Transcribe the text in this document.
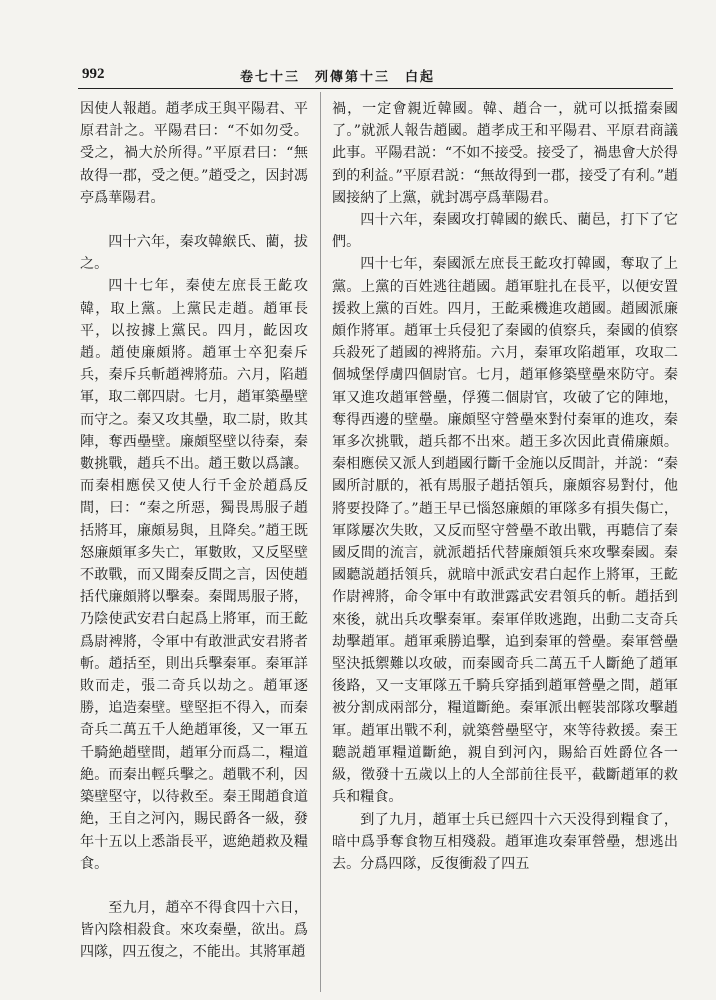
992	卷七十三　列傳第十三　白起

因使人報趙。趙孝成王與平陽君、平原君計之。平陽君曰：“不如勿受。受之，禍大於所得。”平原君曰：“無故得一郡，受之便。”趙受之，因封馮亭爲華陽君。

四十六年，秦攻韓緱氏、藺，拔之。

四十七年，秦使左庶長王齕攻韓，取上黨。上黨民走趙。趙軍長平，以按據上黨民。四月，齕因攻趙。趙使廉頗將。趙軍士卒犯秦斥兵，秦斥兵斬趙裨將茄。六月，陷趙軍，取二鄣四尉。七月，趙軍築壘壁而守之。秦又攻其壘，取二尉，敗其陣，奪西壘壁。廉頗堅壁以待秦，秦數挑戰，趙兵不出。趙王數以爲讓。而秦相應侯又使人行千金於趙爲反間，曰：“秦之所惡，獨畏馬服子趙括將耳，廉頗易與，且降矣。”趙王既怒廉頗軍多失亡，軍數敗，又反堅壁不敢戰，而又聞秦反間之言，因使趙括代廉頗將以擊秦。秦聞馬服子將，乃陰使武安君白起爲上將軍，而王齕爲尉裨將，令軍中有敢泄武安君將者斬。趙括至，則出兵擊秦軍。秦軍詳敗而走，張二奇兵以劫之。趙軍逐勝，追造秦壁。壁堅拒不得入，而秦奇兵二萬五千人絶趙軍後，又一軍五千騎絶趙壁間，趙軍分而爲二，糧道絶。而秦出輕兵擊之。趙戰不利，因築壁堅守，以待救至。秦王聞趙食道絶，王自之河內，賜民爵各一級，發年十五以上悉詣長平，遮絶趙救及糧食。

至九月，趙卒不得食四十六日，皆內陰相殺食。來攻秦壘，欲出。爲四隊，四五復之，不能出。其將軍趙

禍，一定會親近韓國。韓、趙合一，就可以抵擋秦國了。”就派人報告趙國。趙孝成王和平陽君、平原君商議此事。平陽君説：“不如不接受。接受了，禍患會大於得到的利益。”平原君説：“無故得到一郡，接受了有利。”趙國接納了上黨，就封馮亭爲華陽君。

四十六年，秦國攻打韓國的緱氏、藺邑，打下了它們。

四十七年，秦國派左庶長王齕攻打韓國，奪取了上黨。上黨的百姓逃往趙國。趙軍駐扎在長平，以便安置援救上黨的百姓。四月，王齕乘機進攻趙國。趙國派廉頗作將軍。趙軍士兵侵犯了秦國的偵察兵，秦國的偵察兵殺死了趙國的裨將茄。六月，秦軍攻陷趙軍，攻取二個城堡俘虜四個尉官。七月，趙軍修築壁壘來防守。秦軍又進攻趙軍營壘，俘獲二個尉官，攻破了它的陣地，奪得西邊的壁壘。廉頗堅守營壘來對付秦軍的進攻，秦軍多次挑戰，趙兵都不出來。趙王多次因此責備廉頗。秦相應侯又派人到趙國行斷千金施以反間計，并説：“秦國所討厭的，衹有馬服子趙括領兵，廉頗容易對付，他將要投降了。”趙王早已惱怒廉頗的軍隊多有損失傷亡，軍隊屢次失敗，又反而堅守營壘不敢出戰，再聽信了秦國反間的流言，就派趙括代替廉頗領兵來攻擊秦國。秦國聽説趙括領兵，就暗中派武安君白起作上將軍，王齕作尉裨將，命令軍中有敢泄露武安君領兵的斬。趙括到來後，就出兵攻擊秦軍。秦軍佯敗逃跑，出動二支奇兵劫擊趙軍。趙軍乘勝追擊，追到秦軍的營壘。秦軍營壘堅決抵禦難以攻破，而秦國奇兵二萬五千人斷絶了趙軍後路，又一支軍隊五千騎兵穿插到趙軍營壘之間，趙軍被分割成兩部分，糧道斷絶。秦軍派出輕裝部隊攻擊趙軍。趙軍出戰不利，就築營壘堅守，來等待救援。秦王聽説趙軍糧道斷絶，親自到河內，賜給百姓爵位各一級，徵發十五歲以上的人全部前往長平，截斷趙軍的救兵和糧食。

到了九月，趙軍士兵已經四十六天没得到糧食了，暗中爲爭奪食物互相殘殺。趙軍進攻秦軍營壘，想逃出去。分爲四隊，反復衝殺了四五
